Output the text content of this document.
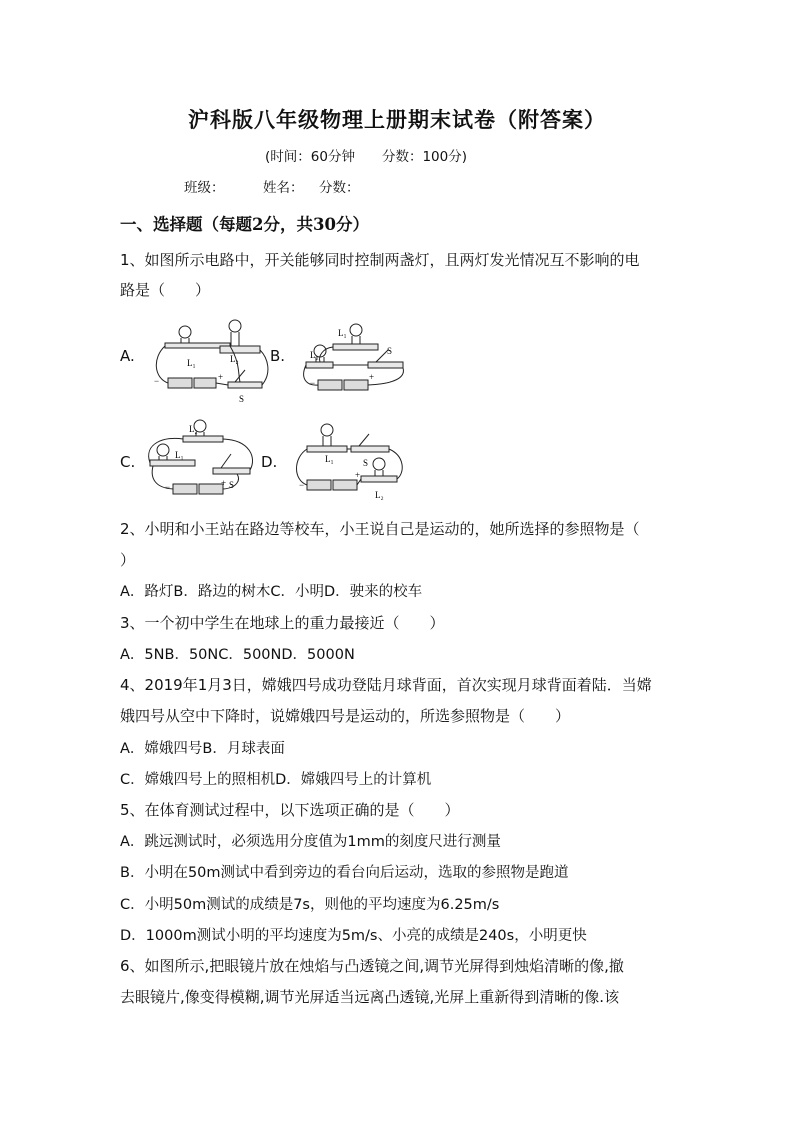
沪科版八年级物理上册期末试卷（附答案）
(时间：60分钟　　分数：100分)
班级：	姓名： 分数：
一、选择题（每题2分，共30分）
1、如图所示电路中，开关能够同时控制两盏灯，且两灯发光情况互不影响的电
路是（　　）
A.	B.
C.	D.
L₁	L₂
S
−	+
L₁
L₂	S
−
+
L₂
L₁
S
−	+
L₁	S
L₂
−
+
2、小明和小王站在路边等校车，小王说自己是运动的，她所选择的参照物是（
）
A．路灯B．路边的树木C．小明D．驶来的校车
3、一个初中学生在地球上的重力最接近（　　）
A．5NB．50NC．500ND．5000N
4、2019年1月3日，嫦娥四号成功登陆月球背面，首次实现月球背面着陆．当嫦
娥四号从空中下降时，说嫦娥四号是运动的，所选参照物是（　　）
A．嫦娥四号B．月球表面
C．嫦娥四号上的照相机D．嫦娥四号上的计算机
5、在体育测试过程中，以下选项正确的是（　　）
A．跳远测试时，必须选用分度值为1mm的刻度尺进行测量
B．小明在50m测试中看到旁边的看台向后运动，选取的参照物是跑道
C．小明50m测试的成绩是7s，则他的平均速度为6.25m/s
D．1000m测试小明的平均速度为5m/s、小亮的成绩是240s，小明更快
6、如图所示,把眼镜片放在烛焰与凸透镜之间,调节光屏得到烛焰清晰的像,撤
去眼镜片,像变得模糊,调节光屏适当远离凸透镜,光屏上重新得到清晰的像.该
